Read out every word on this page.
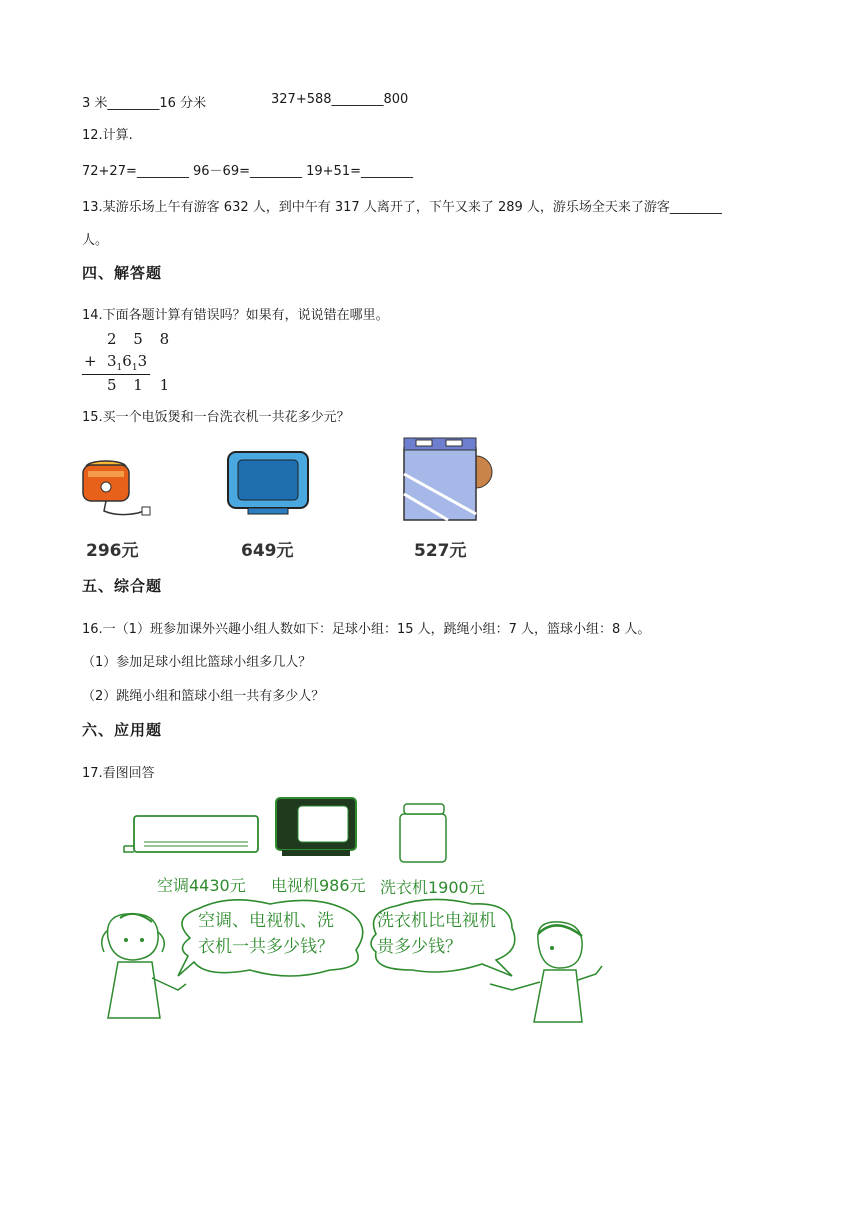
3 米________16 分米	327+588________800
12.计算.
72+27=________ 96－69=________ 19+51=________
13.某游乐场上午有游客 632 人，到中午有 317 人离开了，下午又来了 289 人，游乐场全天来了游客________
人。
四、解答题
14.下面各题计算有错误吗？如果有，说说错在哪里。
2 5 8
+ $3_16_13$
5 1 1
15.买一个电饭煲和一台洗衣机一共花多少元？
296元	649元	527元
五、综合题
16.一（1）班参加课外兴趣小组人数如下：足球小组：15 人，跳绳小组：7 人，篮球小组：8 人。
（1）参加足球小组比篮球小组多几人？
（2）跳绳小组和篮球小组一共有多少人？
六、应用题
17.看图回答
空调4430元 电视机986元 洗衣机1900元
空调、电视机、洗衣机一共多少钱？
洗衣机比电视机贵多少钱？
